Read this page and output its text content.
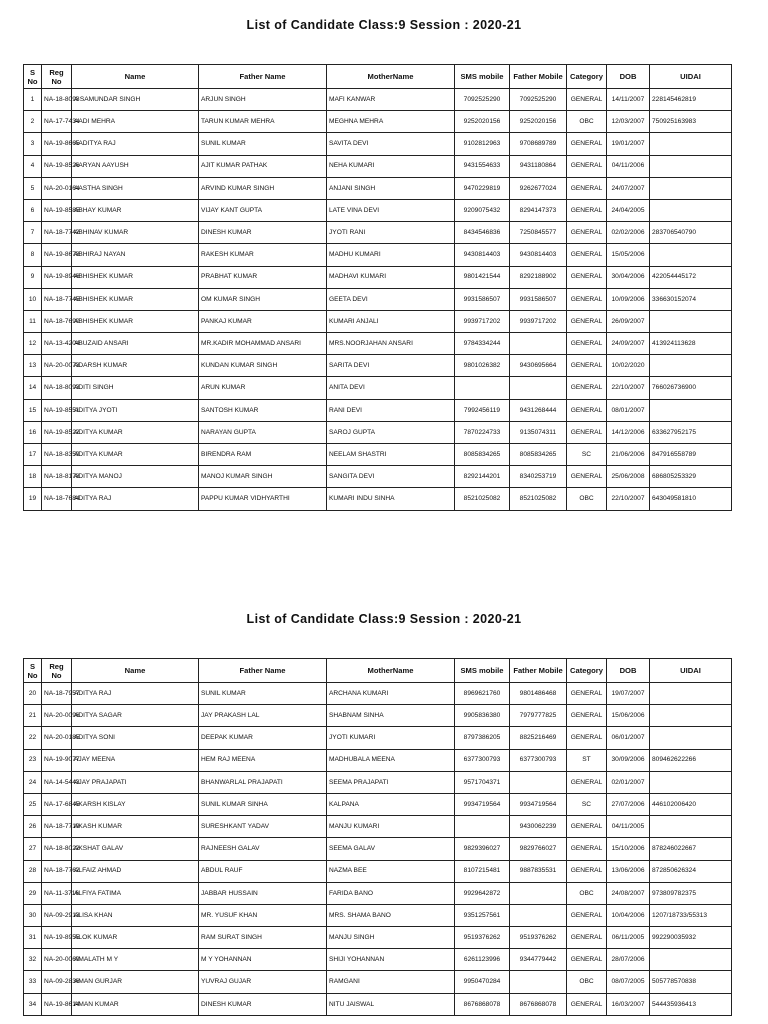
List of Candidate Class:9 Session : 2020-21
S No	Reg No	Name	Father Name	MotherName	SMS mobile	Father Mobile	Category	DOB	UIDAI
1	NA-18-8098	A SAMUNDAR SINGH	ARJUN SINGH	MAFI KANWAR	7092525290	7092525290	GENERAL	14/11/2007	228145462819
2	NA-17-7434	AADI MEHRA	TARUN KUMAR MEHRA	MEGHNA MEHRA	9252020156	9252020156	OBC	12/03/2007	750925163983
3	NA-19-8665	AADITYA RAJ	SUNIL KUMAR	SAVITA DEVI	9102812963	9708689789	GENERAL	19/01/2007	
4	NA-19-8526	AARYAN AAYUSH	AJIT KUMAR PATHAK	NEHA KUMARI	9431554633	9431180864	GENERAL	04/11/2006	
5	NA-20-0164	AASTHA SINGH	ARVIND KUMAR SINGH	ANJANI SINGH	9470229819	9262677024	GENERAL	24/07/2007	
6	NA-19-8585	ABHAY KUMAR	VIJAY KANT GUPTA	LATE VINA DEVI	9209075432	8294147373	GENERAL	24/04/2005	
7	NA-18-7742	ABHINAV KUMAR	DINESH KUMAR	JYOTI RANI	8434546836	7250845577	GENERAL	02/02/2006	283706540790
8	NA-19-8678	ABHIRAJ NAYAN	RAKESH KUMAR	MADHU KUMARI	9430814403	9430814403	GENERAL	15/05/2006	
9	NA-19-8946	ABHISHEK KUMAR	PRABHAT KUMAR	MADHAVI KUMARI	9801421544	8292188902	GENERAL	30/04/2006	422054445172
10	NA-18-7745	ABHISHEK KUMAR	OM KUMAR SINGH	GEETA DEVI	9931586507	9931586507	GENERAL	10/09/2006	336630152074
11	NA-18-7690	ABHISHEK KUMAR	PANKAJ KUMAR	KUMARI ANJALI	9939717202	9939717202	GENERAL	26/09/2007	
12	NA-13-4204	ABUZAID ANSARI	MR.KADIR MOHAMMAD ANSARI	MRS.NOORJAHAN ANSARI	9784334244		GENERAL	24/09/2007	413924113628
13	NA-20-0073	ADARSH KUMAR	KUNDAN KUMAR SINGH	SARITA DEVI	9801026382	9430695664	GENERAL	10/02/2020	
14	NA-18-8093	ADITI SINGH	ARUN KUMAR	ANITA DEVI			GENERAL	22/10/2007	766026736900
15	NA-19-8551	ADITYA JYOTI	SANTOSH KUMAR	RANI DEVI	7992456119	9431268444	GENERAL	08/01/2007	
16	NA-19-8522	ADITYA KUMAR	NARAYAN GUPTA	SAROJ GUPTA	7870224733	9135074311	GENERAL	14/12/2006	633627952175
17	NA-18-8359	ADITYA KUMAR	BIRENDRA RAM	NEELAM SHASTRI	8085834265	8085834265	SC	21/06/2006	847916558789
18	NA-18-8178	ADITYA MANOJ	MANOJ KUMAR SINGH	SANGITA DEVI	8292144201	8340253719	GENERAL	25/06/2008	686805253329
19	NA-18-7684	ADITYA RAJ	PAPPU KUMAR VIDHYARTHI	KUMARI INDU SINHA	8521025082	8521025082	OBC	22/10/2007	643049581810
List of Candidate Class:9 Session : 2020-21
S No	Reg No	Name	Father Name	MotherName	SMS mobile	Father Mobile	Category	DOB	UIDAI
20	NA-18-7957	ADITYA RAJ	SUNIL KUMAR	ARCHANA KUMARI	8969621760	9801486468	GENERAL	19/07/2007	
21	NA-20-0096	ADITYA SAGAR	JAY PRAKASH LAL	SHABNAM SINHA	9905836380	7979777825	GENERAL	15/06/2006	
22	NA-20-0185	ADITYA SONI	DEEPAK KUMAR	JYOTI KUMARI	8797386205	8825216469	GENERAL	06/01/2007	
23	NA-19-9077	AJAY MEENA	HEM RAJ MEENA	MADHUBALA MEENA	6377300793	6377300793	ST	30/09/2006	809462622266
24	NA-14-5443	AJAY PRAJAPATI	BHANWARLAL PRAJAPATI	SEEMA PRAJAPATI	9571704371		GENERAL	02/01/2007	
25	NA-17-6845	AKARSH KISLAY	SUNIL KUMAR SINHA	KALPANA	9934719564	9934719564	SC	27/07/2006	446102006420
26	NA-18-7719	AKASH KUMAR	SURESHKANT YADAV	MANJU KUMARI		9430062239	GENERAL	04/11/2005	
27	NA-18-8022	AKSHAT GALAV	RAJNEESH GALAV	SEEMA GALAV	9829396027	9829766027	GENERAL	15/10/2006	878246022667
28	NA-18-7762	ALFAIZ AHMAD	ABDUL RAUF	NAZMA BEE	8107215481	9887835531	GENERAL	13/06/2006	872850626324
29	NA-11-3716	ALFIYA FATIMA	JABBAR HUSSAIN	FARIDA BANO	9929642872		OBC	24/08/2007	973809782375
30	NA-09-2913	ALISA KHAN	MR. YUSUF KHAN	MRS. SHAMA BANO	9351257561		GENERAL	10/04/2006	1207/18733/55313
31	NA-19-8955	ALOK KUMAR	RAM SURAT SINGH	MANJU SINGH	9519376262	9519376262	GENERAL	06/11/2005	992290035932
32	NA-20-0069	AMALATH M Y	M Y YOHANNAN	SHIJI YOHANNAN	6261123996	9344779442	GENERAL	28/07/2006	
33	NA-09-2836	AMAN GURJAR	YUVRAJ GUJAR	RAMGANI	9950470284		OBC	08/07/2005	505778570838
34	NA-19-8614	AMAN KUMAR	DINESH KUMAR	NITU JAISWAL	8676868078	8676868078	GENERAL	16/03/2007	544435936413
